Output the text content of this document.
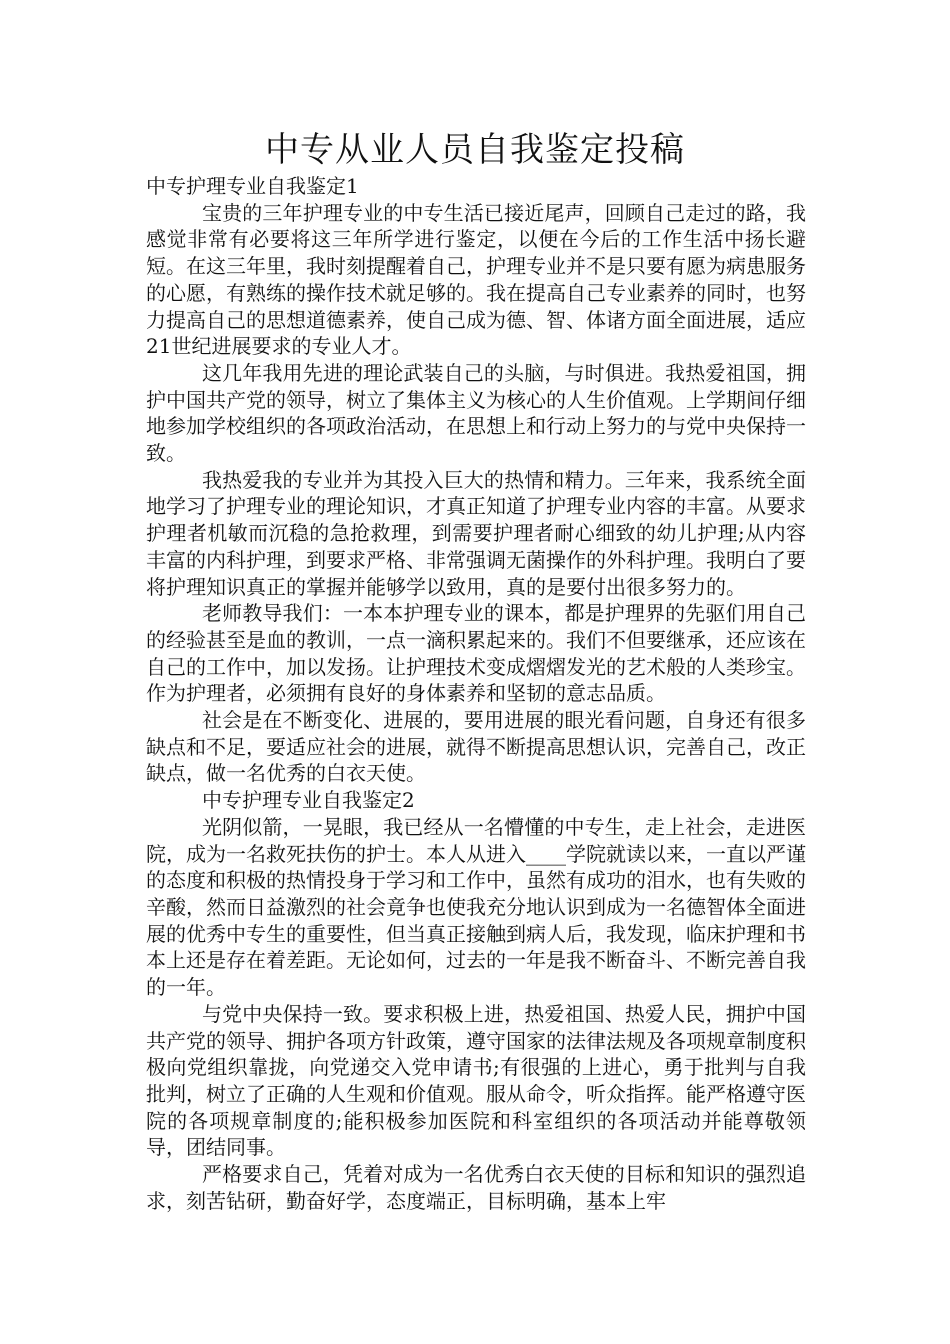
中专从业人员自我鉴定投稿

中专护理专业自我鉴定1

宝贵的三年护理专业的中专生活已接近尾声，回顾自己走过的路，我感觉非常有必要将这三年所学进行鉴定，以便在今后的工作生活中扬长避短。在这三年里，我时刻提醒着自己，护理专业并不是只要有愿为病患服务的心愿，有熟练的操作技术就足够的。我在提高自己专业素养的同时，也努力提高自己的思想道德素养，使自己成为德、智、体诸方面全面进展，适应21世纪进展要求的专业人才。

这几年我用先进的理论武装自己的头脑，与时俱进。我热爱祖国，拥护中国共产党的领导，树立了集体主义为核心的人生价值观。上学期间仔细地参加学校组织的各项政治活动，在思想上和行动上努力的与党中央保持一致。

我热爱我的专业并为其投入巨大的热情和精力。三年来，我系统全面地学习了护理专业的理论知识，才真正知道了护理专业内容的丰富。从要求护理者机敏而沉稳的急抢救理，到需要护理者耐心细致的幼儿护理;从内容丰富的内科护理，到要求严格、非常强调无菌操作的外科护理。我明白了要将护理知识真正的掌握并能够学以致用，真的是要付出很多努力的。

老师教导我们：一本本护理专业的课本，都是护理界的先驱们用自己的经验甚至是血的教训，一点一滴积累起来的。我们不但要继承，还应该在自己的工作中，加以发扬。让护理技术变成熠熠发光的艺术般的人类珍宝。作为护理者，必须拥有良好的身体素养和坚韧的意志品质。

社会是在不断变化、进展的，要用进展的眼光看问题，自身还有很多缺点和不足，要适应社会的进展，就得不断提高思想认识，完善自己，改正缺点，做一名优秀的白衣天使。

中专护理专业自我鉴定2

光阴似箭，一晃眼，我已经从一名懵懂的中专生，走上社会，走进医院，成为一名救死扶伤的护士。本人从进入____学院就读以来，一直以严谨的态度和积极的热情投身于学习和工作中，虽然有成功的泪水，也有失败的辛酸，然而日益激烈的社会竟争也使我充分地认识到成为一名德智体全面进展的优秀中专生的重要性，但当真正接触到病人后，我发现，临床护理和书本上还是存在着差距。无论如何，过去的一年是我不断奋斗、不断完善自我的一年。

与党中央保持一致。要求积极上进，热爱祖国、热爱人民，拥护中国共产党的领导、拥护各项方针政策，遵守国家的法律法规及各项规章制度积极向党组织靠拢，向党递交入党申请书;有很强的上进心，勇于批判与自我批判，树立了正确的人生观和价值观。服从命令，听众指挥。能严格遵守医院的各项规章制度的;能积极参加医院和科室组织的各项活动并能尊敬领导，团结同事。

严格要求自己，凭着对成为一名优秀白衣天使的目标和知识的强烈追求，刻苦钻研，勤奋好学，态度端正，目标明确，基本上牢
